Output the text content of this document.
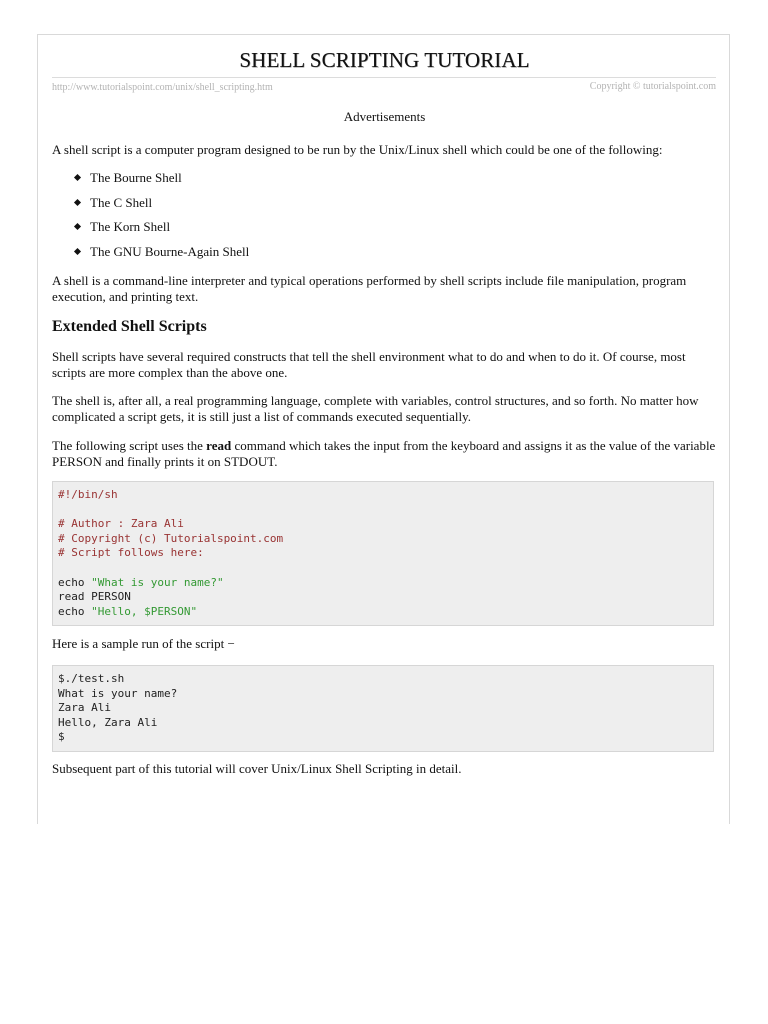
SHELL SCRIPTING TUTORIAL
http://www.tutorialspoint.com/unix/shell_scripting.htm	Copyright © tutorialspoint.com
Advertisements

A shell script is a computer program designed to be run by the Unix/Linux shell which could be one of the following:

The Bourne Shell
The C Shell
The Korn Shell
The GNU Bourne-Again Shell

A shell is a command-line interpreter and typical operations performed by shell scripts include file manipulation, program execution, and printing text.

Extended Shell Scripts

Shell scripts have several required constructs that tell the shell environment what to do and when to do it. Of course, most scripts are more complex than the above one.

The shell is, after all, a real programming language, complete with variables, control structures, and so forth. No matter how complicated a script gets, it is still just a list of commands executed sequentially.

The following script uses the read command which takes the input from the keyboard and assigns it as the value of the variable PERSON and finally prints it on STDOUT.

#!/bin/sh
# Author : Zara Ali
# Copyright (c) Tutorialspoint.com
# Script follows here:
echo "What is your name?"
read PERSON
echo "Hello, $PERSON"

Here is a sample run of the script −

$./test.sh
What is your name?
Zara Ali
Hello, Zara Ali
$

Subsequent part of this tutorial will cover Unix/Linux Shell Scripting in detail.
